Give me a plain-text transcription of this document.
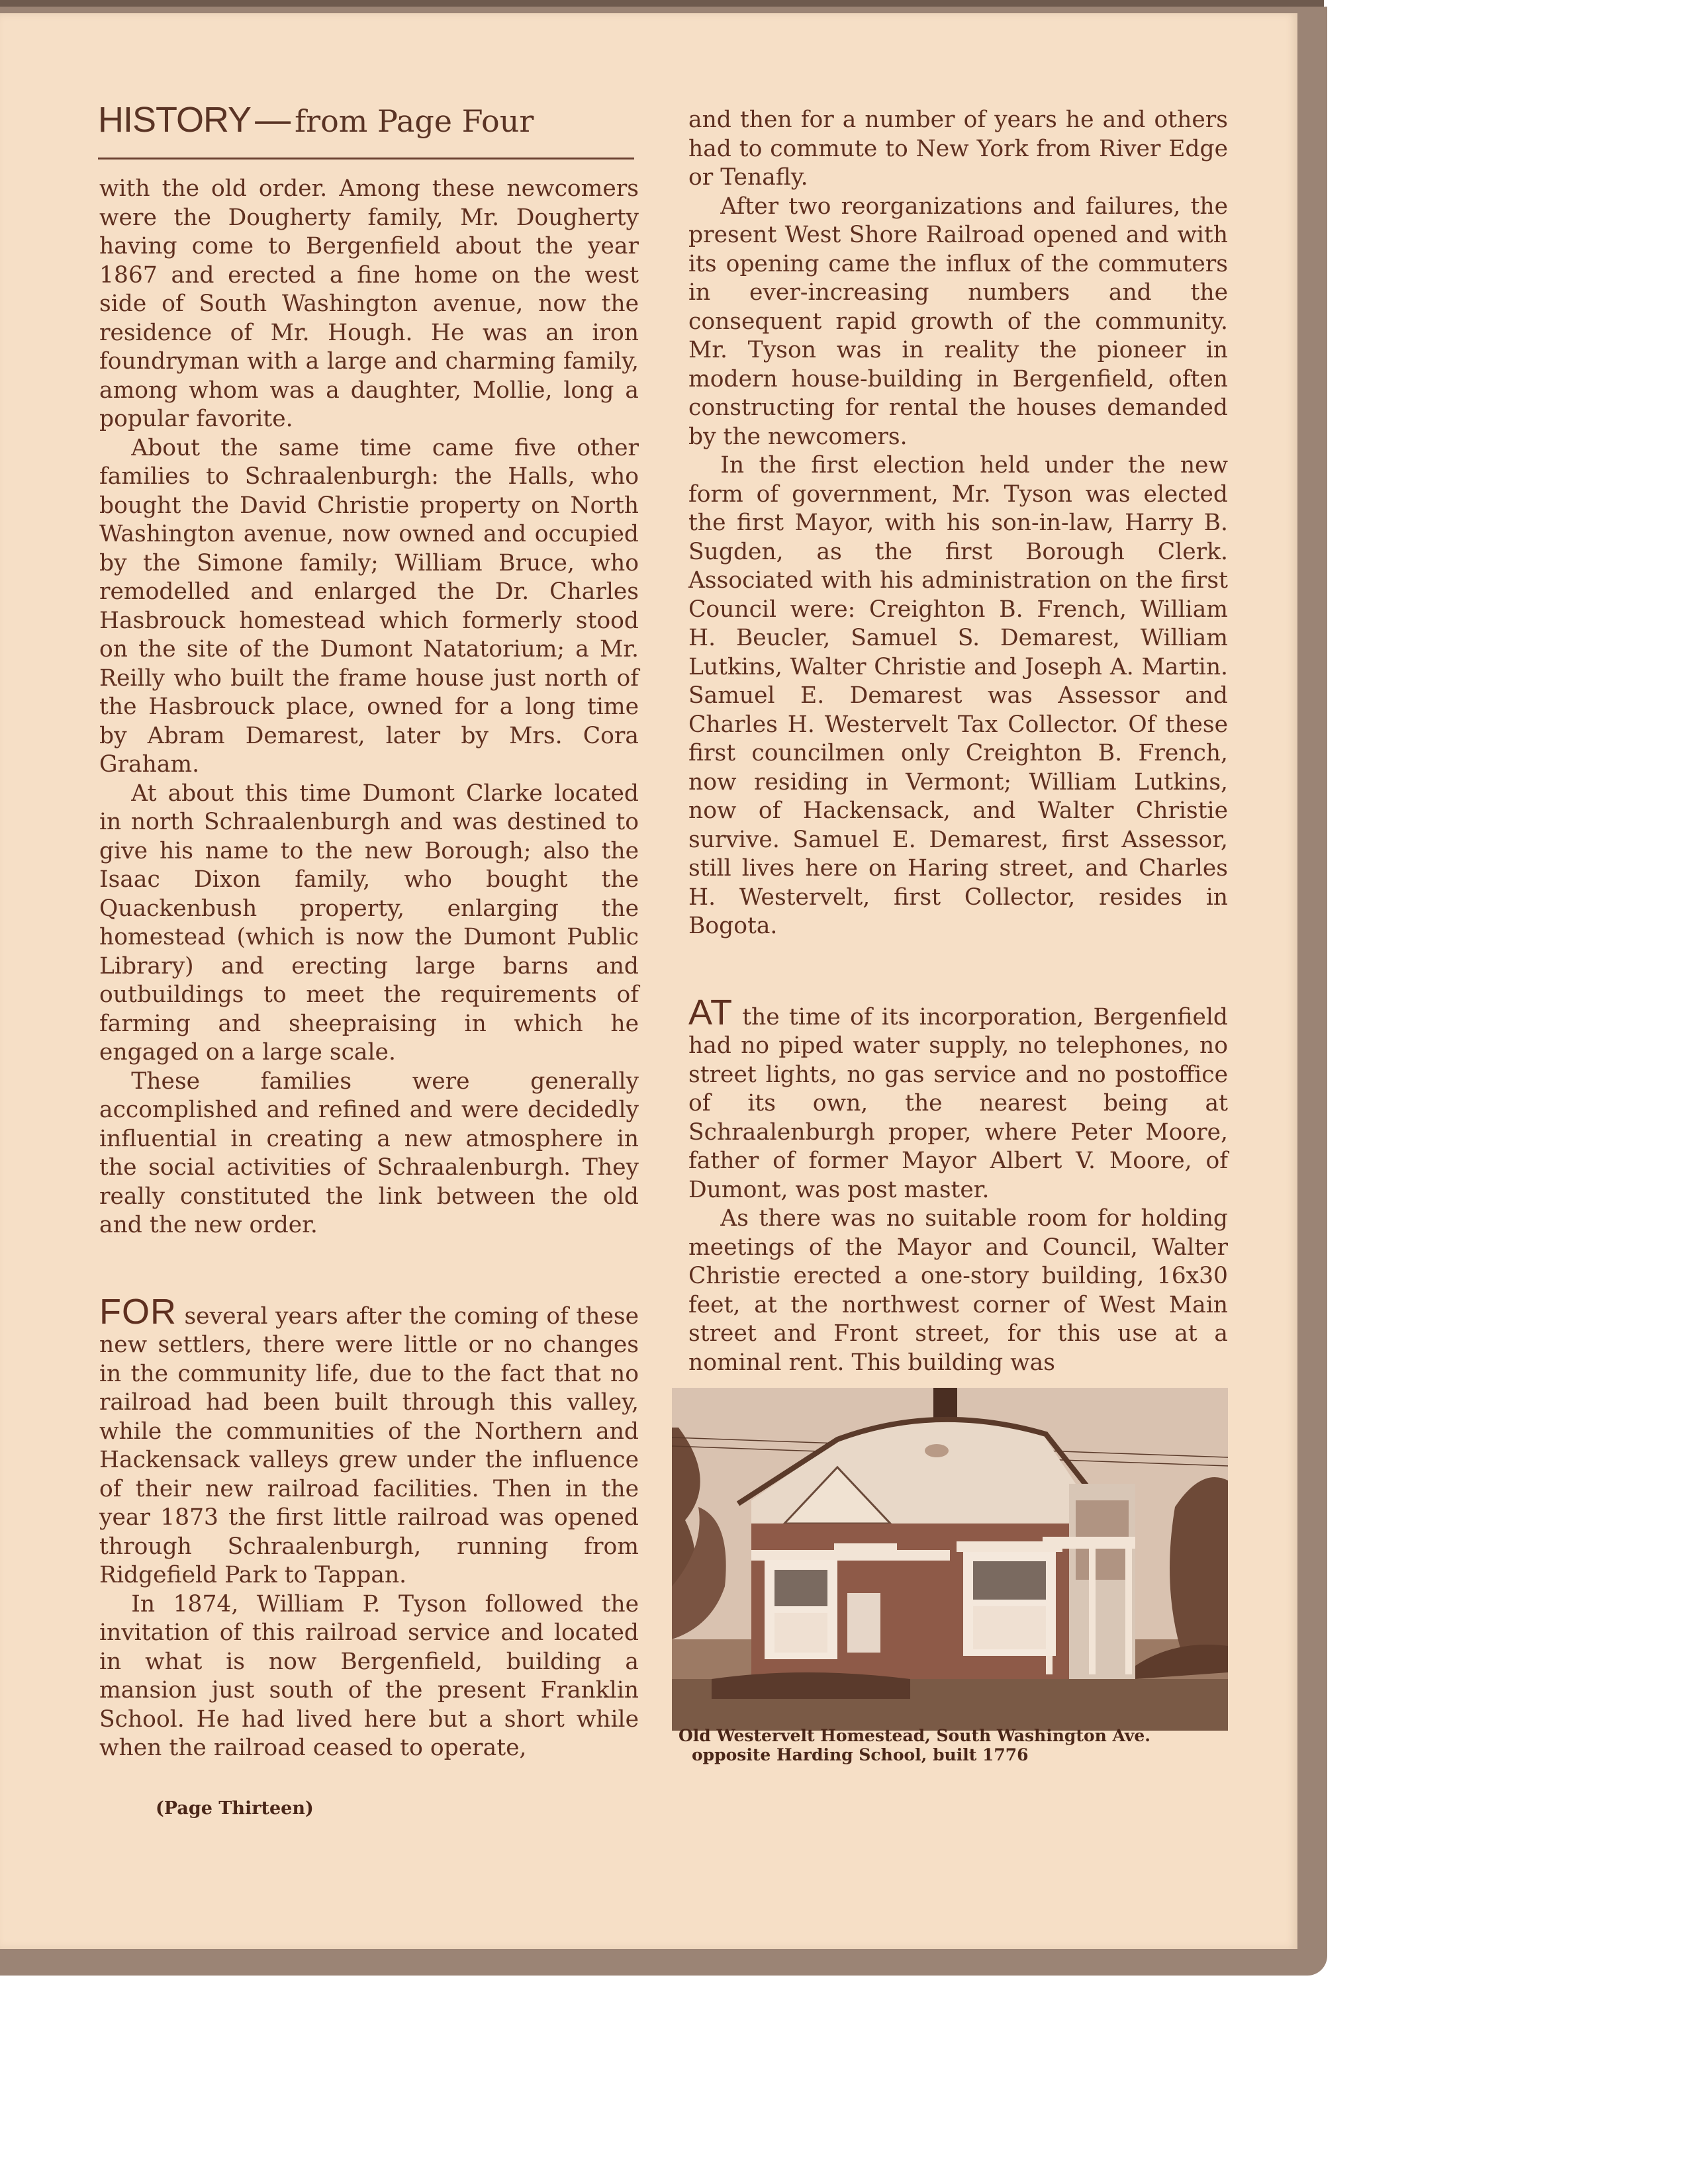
HISTORY — from Page Four

with the old order. Among these newcomers were the Dougherty family, Mr. Dougherty having come to Bergenfield about the year 1867 and erected a fine home on the west side of South Washington avenue, now the residence of Mr. Hough. He was an iron foundryman with a large and charming family, among whom was a daughter, Mollie, long a popular favorite.

About the same time came five other families to Schraalenburgh: the Halls, who bought the David Christie property on North Washington avenue, now owned and occupied by the Simone family; William Bruce, who remodelled and enlarged the Dr. Charles Hasbrouck homestead which formerly stood on the site of the Dumont Natatorium; a Mr. Reilly who built the frame house just north of the Hasbrouck place, owned for a long time by Abram Demarest, later by Mrs. Cora Graham.

At about this time Dumont Clarke located in north Schraalenburgh and was destined to give his name to the new Borough; also the Isaac Dixon family, who bought the Quackenbush property, enlarging the homestead (which is now the Dumont Public Library) and erecting large barns and outbuildings to meet the requirements of farming and sheepraising in which he engaged on a large scale.

These families were generally accomplished and refined and were decidedly influential in creating a new atmosphere in the social activities of Schraalenburgh. They really constituted the link between the old and the new order.

FOR several years after the coming of these new settlers, there were little or no changes in the community life, due to the fact that no railroad had been built through this valley, while the communities of the Northern and Hackensack valleys grew under the influence of their new railroad facilities. Then in the year 1873 the first little railroad was opened through Schraalenburgh, running from Ridgefield Park to Tappan.

In 1874, William P. Tyson followed the invitation of this railroad service and located in what is now Bergenfield, building a mansion just south of the present Franklin School. He had lived here but a short while when the railroad ceased to operate,

and then for a number of years he and others had to commute to New York from River Edge or Tenafly.

After two reorganizations and failures, the present West Shore Railroad opened and with its opening came the influx of the commuters in ever-increasing numbers and the consequent rapid growth of the community. Mr. Tyson was in reality the pioneer in modern house-building in Bergenfield, often constructing for rental the houses demanded by the newcomers.

In the first election held under the new form of government, Mr. Tyson was elected the first Mayor, with his son-in-law, Harry B. Sugden, as the first Borough Clerk. Associated with his administration on the first Council were: Creighton B. French, William H. Beucler, Samuel S. Demarest, William Lutkins, Walter Christie and Joseph A. Martin. Samuel E. Demarest was Assessor and Charles H. Westervelt Tax Collector. Of these first councilmen only Creighton B. French, now residing in Vermont; William Lutkins, now of Hackensack, and Walter Christie survive. Samuel E. Demarest, first Assessor, still lives here on Haring street, and Charles H. Westervelt, first Collector, resides in Bogota.

AT the time of its incorporation, Bergenfield had no piped water supply, no telephones, no street lights, no gas service and no postoffice of its own, the nearest being at Schraalenburgh proper, where Peter Moore, father of former Mayor Albert V. Moore, of Dumont, was post master.

As there was no suitable room for holding meetings of the Mayor and Council, Walter Christie erected a one-story building, 16x30 feet, at the northwest corner of West Main street and Front street, for this use at a nominal rent. This building was

Old Westervelt Homestead, South Washington Ave.
opposite Harding School, built 1776
(Page Thirteen)
